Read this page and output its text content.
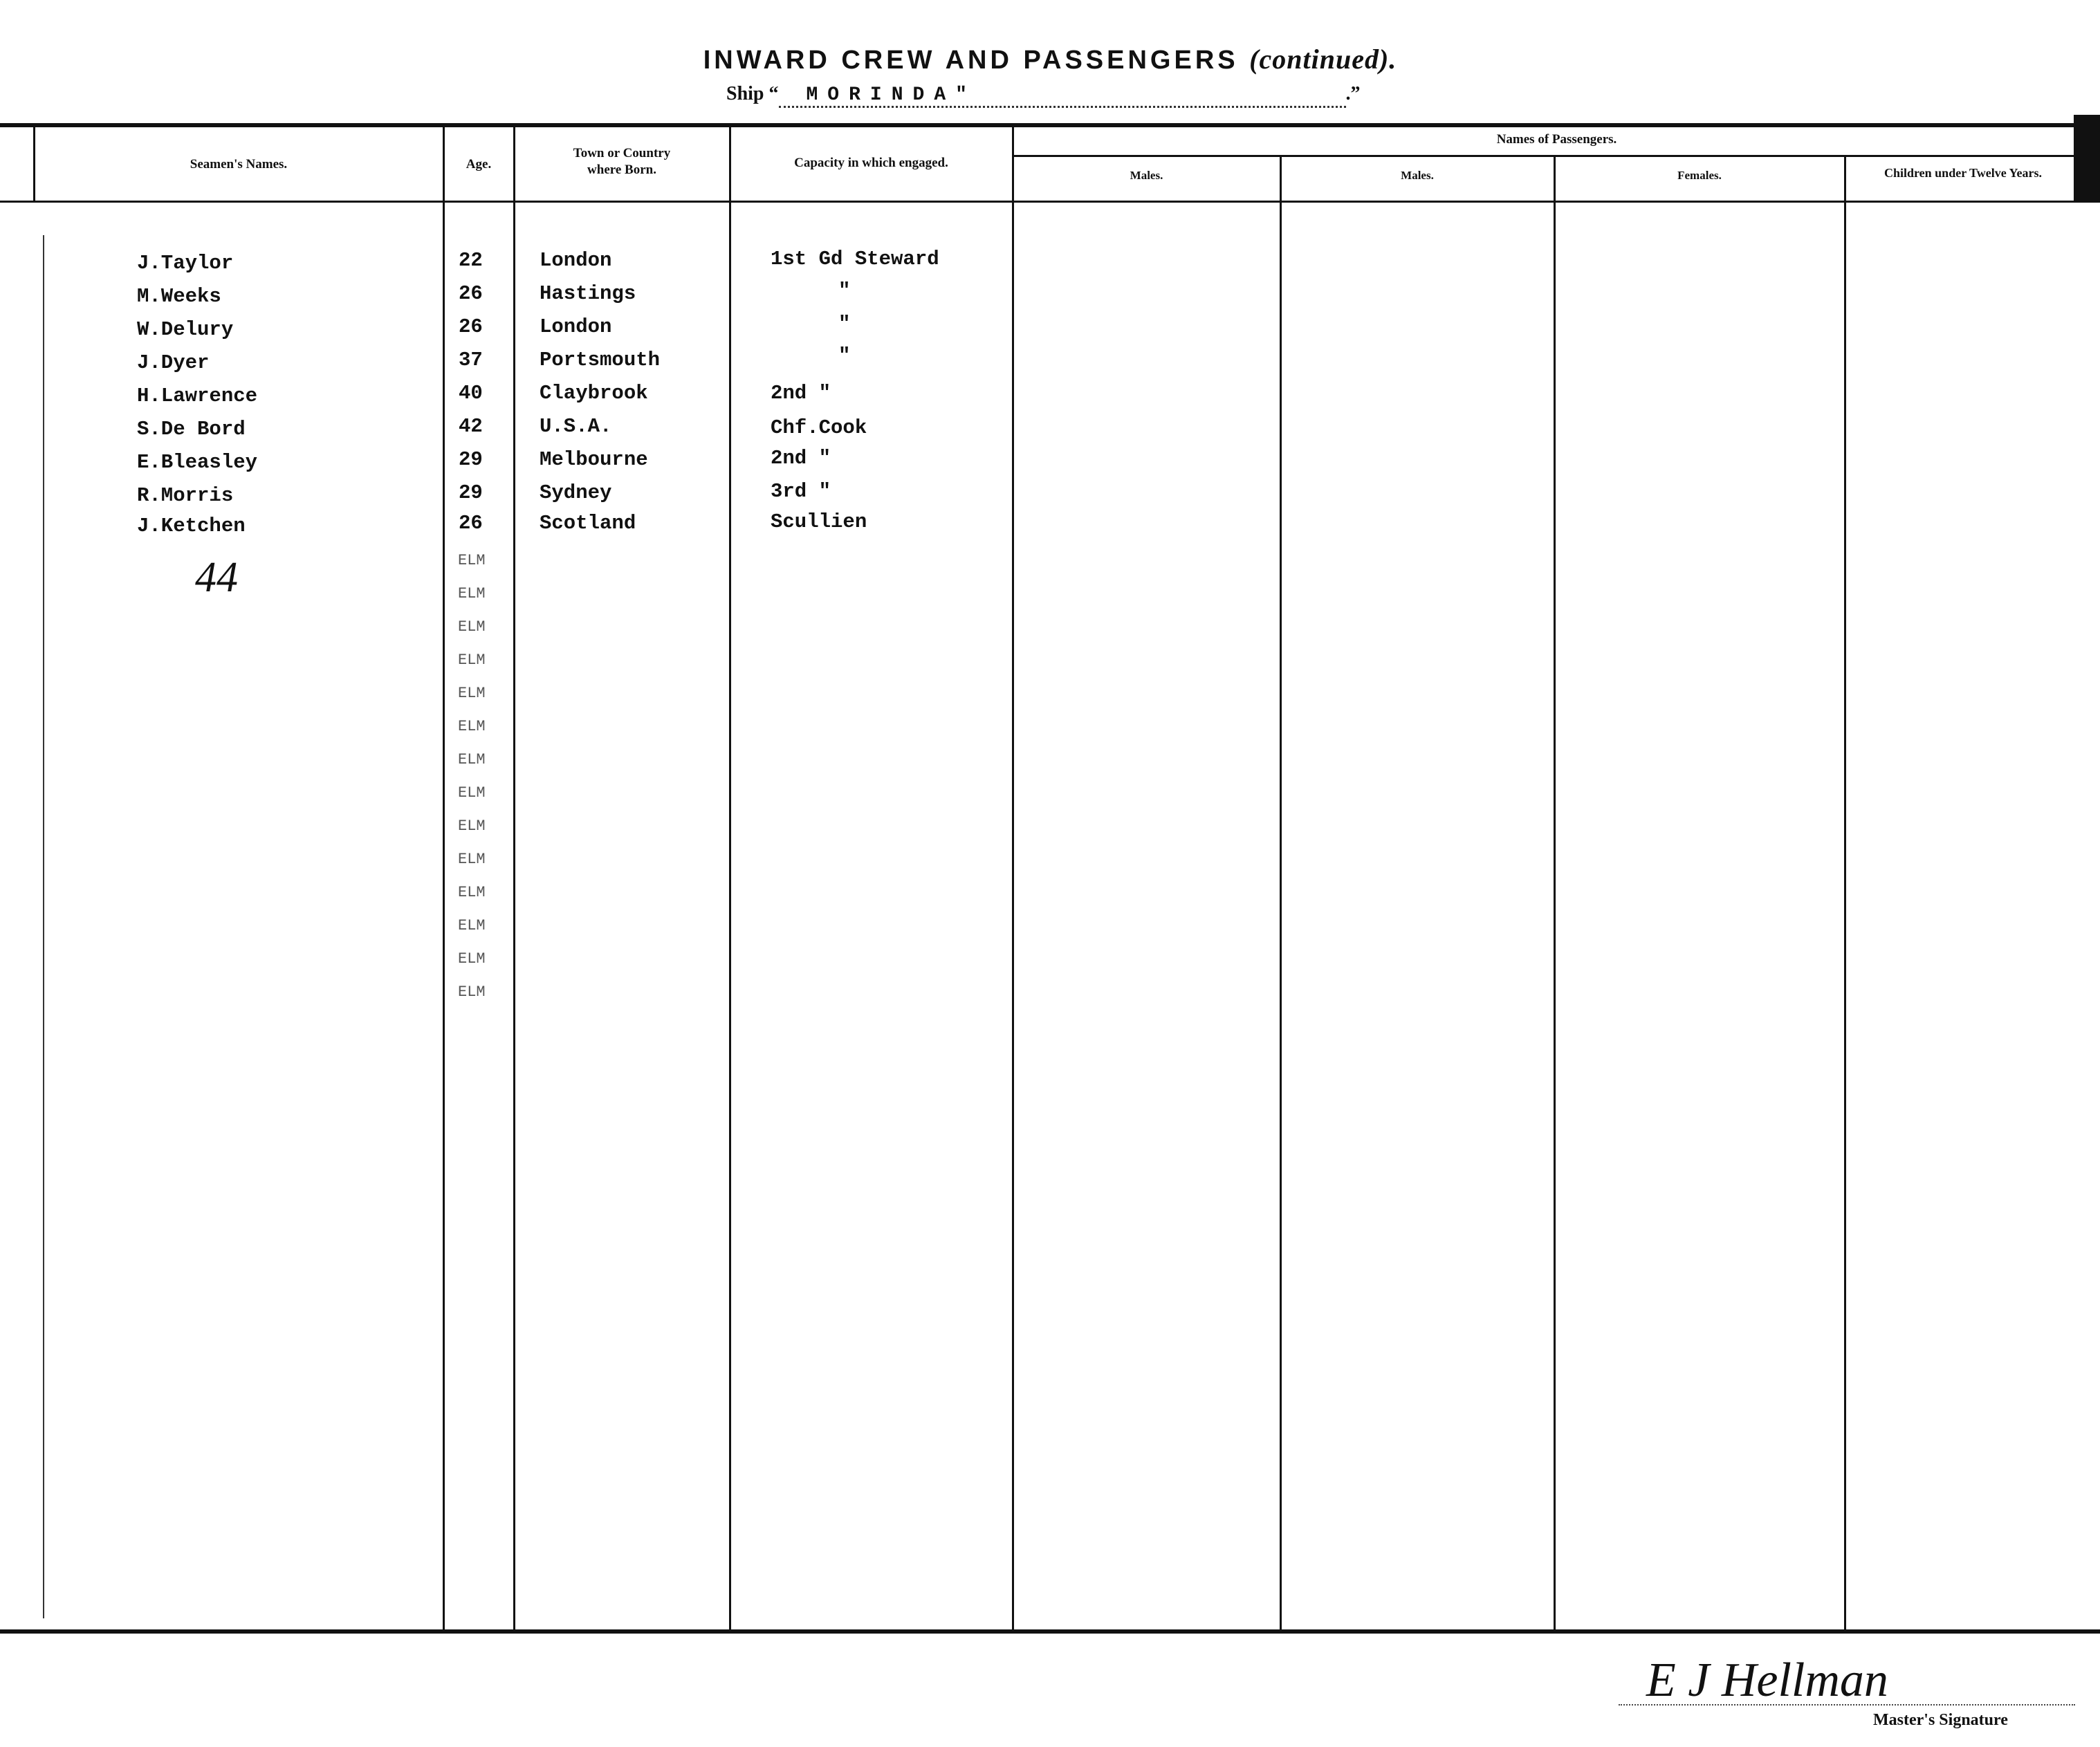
INWARD CREW AND PASSENGERS (continued).
Ship “ MORINDA"	.”
Seamen's Names.	Age.
Town or Country
where Born.	Capacity in which engaged.
Names of Passengers.
Males.	Males.	Females.	Children under Twelve Years.
J.Taylor	22	London	1st Gd Steward
M.Weeks	26	Hastings	"
W.Delury	26	London	"
J.Dyer	37	Portsmouth	"
H.Lawrence	40	Claybrook	2nd "
S.De Bord	42	U.S.A.	Chf.Cook
E.Bleasley	29	Melbourne	2nd "
R.Morris	29	Sydney	3rd "
J.Ketchen	26	Scotland	Scullien
44	ELM
ELM
ELM
ELM
ELM
ELM
ELM
ELM
ELM
ELM
ELM
ELM
ELM
ELM
E J Hellman
Master's Signature
